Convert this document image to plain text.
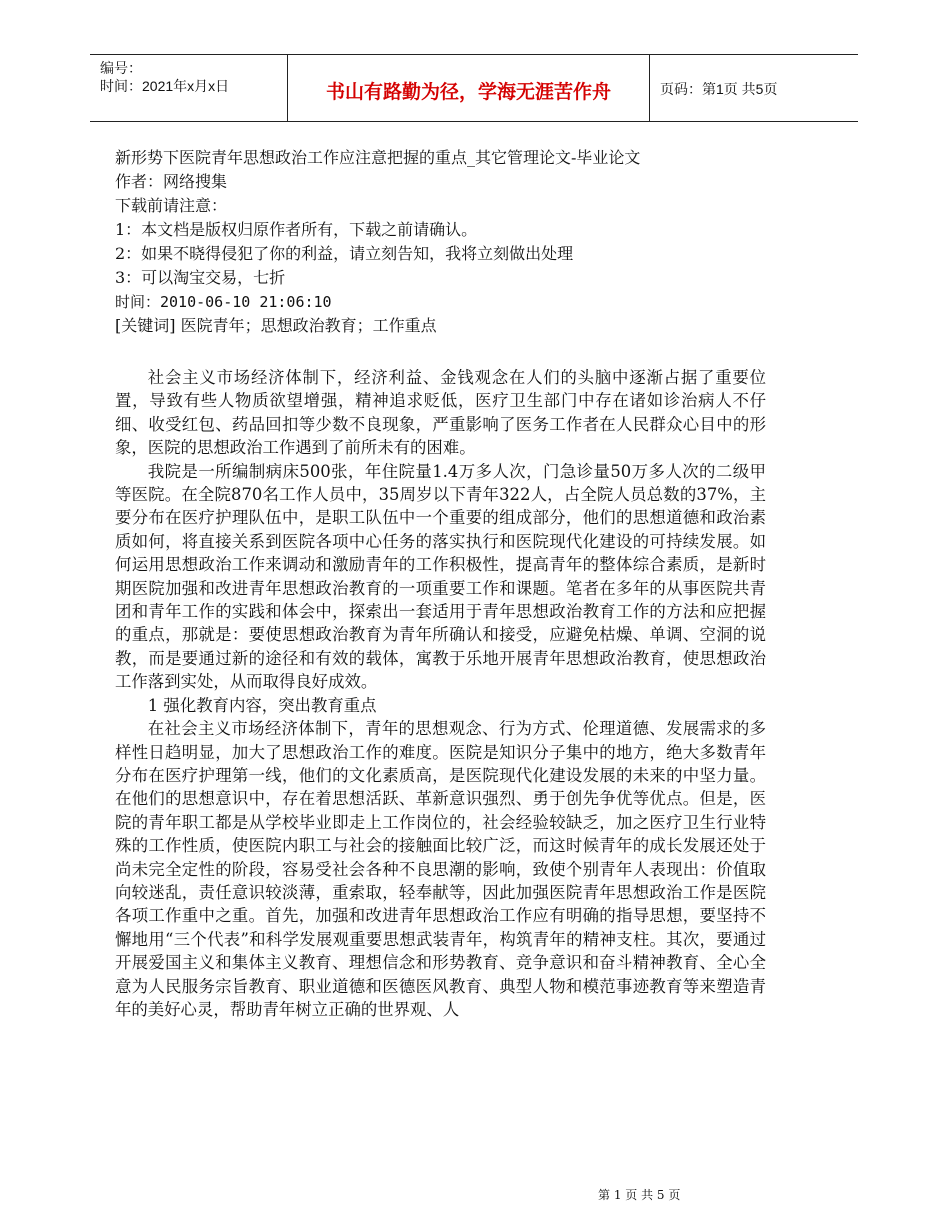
编号：
时间：2021年x月x日	书山有路勤为径，学海无涯苦作舟	页码：第1页 共5页
新形势下医院青年思想政治工作应注意把握的重点_其它管理论文-毕业论文
作者：网络搜集
下载前请注意：
1：本文档是版权归原作者所有，下载之前请确认。
2：如果不晓得侵犯了你的利益，请立刻告知，我将立刻做出处理
3：可以淘宝交易，七折
时间：2010-06-10 21:06:10
[关键词] 医院青年；思想政治教育；工作重点

社会主义市场经济体制下，经济利益、金钱观念在人们的头脑中逐渐占据了重要位置，导致有些人物质欲望增强，精神追求贬低，医疗卫生部门中存在诸如诊治病人不仔细、收受红包、药品回扣等少数不良现象，严重影响了医务工作者在人民群众心目中的形象，医院的思想政治工作遇到了前所未有的困难。

我院是一所编制病床500张，年住院量1.4万多人次，门急诊量50万多人次的二级甲等医院。在全院870名工作人员中，35周岁以下青年322人，占全院人员总数的37%，主要分布在医疗护理队伍中，是职工队伍中一个重要的组成部分，他们的思想道德和政治素质如何，将直接关系到医院各项中心任务的落实执行和医院现代化建设的可持续发展。如何运用思想政治工作来调动和激励青年的工作积极性，提高青年的整体综合素质，是新时期医院加强和改进青年思想政治教育的一项重要工作和课题。笔者在多年的从事医院共青团和青年工作的实践和体会中，探索出一套适用于青年思想政治教育工作的方法和应把握的重点，那就是：要使思想政治教育为青年所确认和接受，应避免枯燥、单调、空洞的说教，而是要通过新的途径和有效的载体，寓教于乐地开展青年思想政治教育，使思想政治工作落到实处，从而取得良好成效。

1 强化教育内容，突出教育重点

在社会主义市场经济体制下，青年的思想观念、行为方式、伦理道德、发展需求的多样性日趋明显，加大了思想政治工作的难度。医院是知识分子集中的地方，绝大多数青年分布在医疗护理第一线，他们的文化素质高，是医院现代化建设发展的未来的中坚力量。在他们的思想意识中，存在着思想活跃、革新意识强烈、勇于创先争优等优点。但是，医院的青年职工都是从学校毕业即走上工作岗位的，社会经验较缺乏，加之医疗卫生行业特殊的工作性质，使医院内职工与社会的接触面比较广泛，而这时候青年的成长发展还处于尚未完全定性的阶段，容易受社会各种不良思潮的影响，致使个别青年人表现出：价值取向较迷乱，责任意识较淡薄，重索取，轻奉献等，因此加强医院青年思想政治工作是医院各项工作重中之重。首先，加强和改进青年思想政治工作应有明确的指导思想，要坚持不懈地用“三个代表”和科学发展观重要思想武装青年，构筑青年的精神支柱。其次，要通过开展爱国主义和集体主义教育、理想信念和形势教育、竞争意识和奋斗精神教育、全心全意为人民服务宗旨教育、职业道德和医德医风教育、典型人物和模范事迹教育等来塑造青年的美好心灵，帮助青年树立正确的世界观、人

第 1 页 共 5 页
